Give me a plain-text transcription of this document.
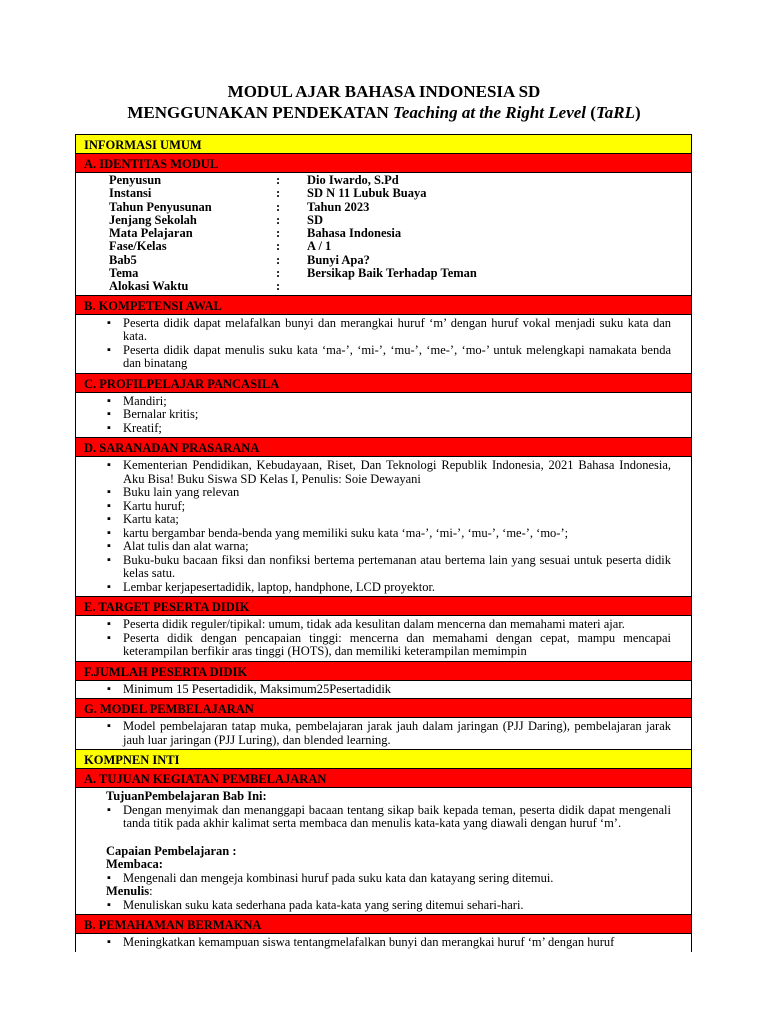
MODUL AJAR BAHASA INDONESIA SD
MENGGUNAKAN PENDEKATAN Teaching at the Right Level (TaRL)
INFORMASI UMUM
A. IDENTITAS MODUL
Penyusun	:	Dio Iwardo, S.Pd
Instansi	:	SD N 11 Lubuk Buaya
Tahun Penyusunan	:	Tahun 2023
Jenjang Sekolah	:	SD
Mata Pelajaran	:	Bahasa Indonesia
Fase/Kelas	:	A / 1
Bab5	:	Bunyi Apa?
Tema	:	Bersikap Baik Terhadap Teman
Alokasi Waktu	:
B. KOMPETENSI AWAL
▪ Peserta didik dapat melafalkan bunyi dan merangkai huruf ‘m’ dengan huruf vokal menjadi suku kata dan kata.
▪ Peserta didik dapat menulis suku kata ‘ma-’, ‘mi-’, ‘mu-’, ‘me-’, ‘mo-’ untuk melengkapi namakata benda dan binatang
C. PROFILPELAJAR PANCASILA
▪ Mandiri;
▪ Bernalar kritis;
▪ Kreatif;
D. SARANADAN PRASARANA
▪ Kementerian Pendidikan, Kebudayaan, Riset, Dan Teknologi Republik Indonesia, 2021 Bahasa Indonesia, Aku Bisa! Buku Siswa SD Kelas I, Penulis: Soie Dewayani
▪ Buku lain yang relevan
▪ Kartu huruf;
▪ Kartu kata;
▪ kartu bergambar benda-benda yang memiliki suku kata ‘ma-’, ‘mi-’, ‘mu-’, ‘me-’, ‘mo-’;
▪ Alat tulis dan alat warna;
▪ Buku-buku bacaan fiksi dan nonfiksi bertema pertemanan atau bertema lain yang sesuai untuk peserta didik kelas satu.
▪ Lembar kerjapesertadidik, laptop, handphone, LCD proyektor.
E. TARGET PESERTA DIDIK
▪ Peserta didik reguler/tipikal: umum, tidak ada kesulitan dalam mencerna dan memahami materi ajar.
▪ Peserta didik dengan pencapaian tinggi: mencerna dan memahami dengan cepat, mampu mencapai keterampilan berfikir aras tinggi (HOTS), dan memiliki keterampilan memimpin
F.JUMLAH PESERTA DIDIK
▪ Minimum 15 Pesertadidik, Maksimum25Pesertadidik
G. MODEL PEMBELAJARAN
▪ Model pembelajaran tatap muka, pembelajaran jarak jauh dalam jaringan (PJJ Daring), pembelajaran jarak jauh luar jaringan (PJJ Luring), dan blended learning.
KOMPNEN INTI
A. TUJUAN KEGIATAN PEMBELAJARAN
TujuanPembelajaran Bab Ini:
▪ Dengan menyimak dan menanggapi bacaan tentang sikap baik kepada teman, peserta didik dapat mengenali tanda titik pada akhir kalimat serta membaca dan menulis kata-kata yang diawali dengan huruf ‘m’.
Capaian Pembelajaran :
Membaca:
▪ Mengenali dan mengeja kombinasi huruf pada suku kata dan katayang sering ditemui.
Menulis:
▪ Menuliskan suku kata sederhana pada kata-kata yang sering ditemui sehari-hari.
B. PEMAHAMAN BERMAKNA
▪ Meningkatkan kemampuan siswa tentangmelafalkan bunyi dan merangkai huruf ‘m’ dengan huruf
